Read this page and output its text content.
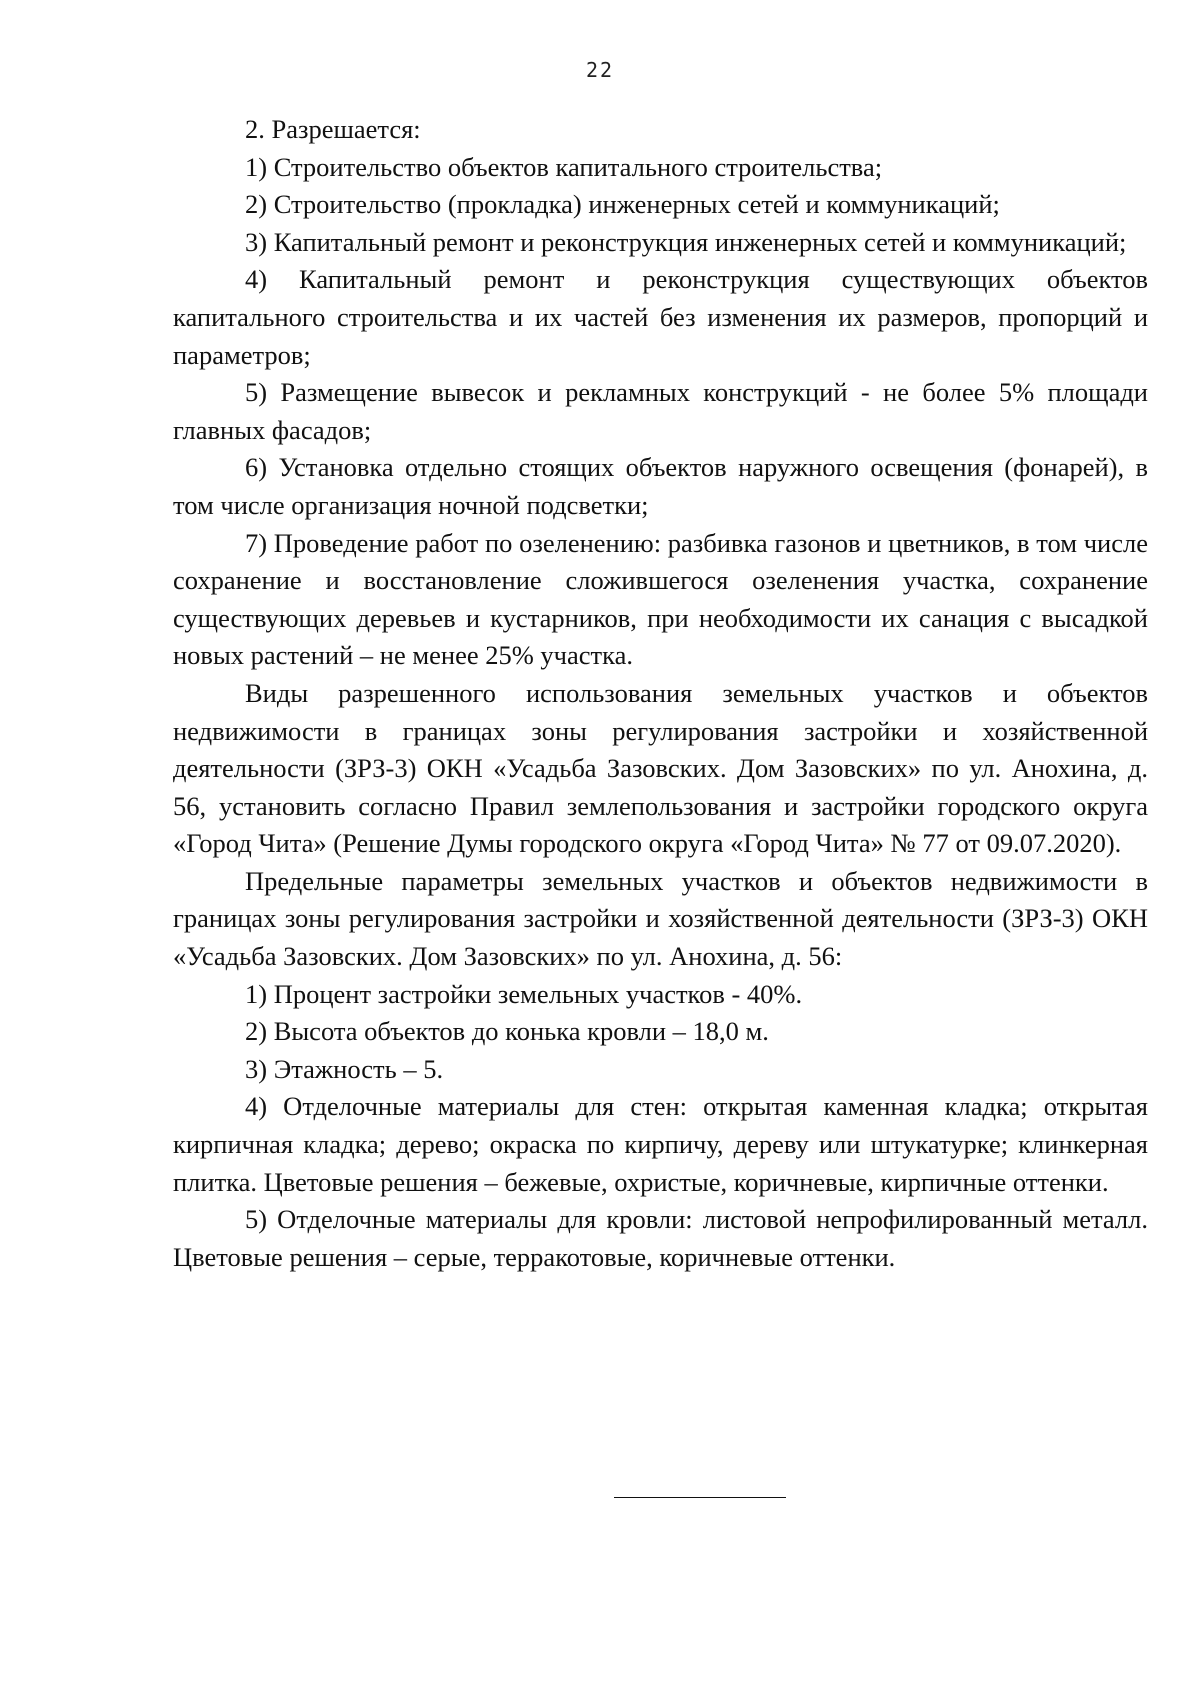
22

2. Разрешается:

1) Строительство объектов капитального строительства;

2) Строительство (прокладка) инженерных сетей и коммуникаций;

3) Капитальный ремонт и реконструкция инженерных сетей и коммуникаций;

4) Капитальный ремонт и реконструкция существующих объектов капитального строительства и их частей без изменения их размеров, пропорций и параметров;

5) Размещение вывесок и рекламных конструкций - не более 5% площади главных фасадов;

6) Установка отдельно стоящих объектов наружного освещения (фонарей), в том числе организация ночной подсветки;

7) Проведение работ по озеленению: разбивка газонов и цветников, в том числе сохранение и восстановление сложившегося озеленения участка, сохранение существующих деревьев и кустарников, при необходимости их санация с высадкой новых растений – не менее 25% участка.

Виды разрешенного использования земельных участков и объектов недвижимости в границах зоны регулирования застройки и хозяйственной деятельности (ЗРЗ-3) ОКН «Усадьба Зазовских. Дом Зазовских» по ул. Анохина, д. 56, установить согласно Правил землепользования и застройки городского округа «Город Чита» (Решение Думы городского округа «Город Чита» № 77 от 09.07.2020).

Предельные параметры земельных участков и объектов недвижимости в границах зоны регулирования застройки и хозяйственной деятельности (ЗРЗ-3) ОКН «Усадьба Зазовских. Дом Зазовских» по ул. Анохина, д. 56:

1) Процент застройки земельных участков - 40%.

2) Высота объектов до конька кровли – 18,0 м.

3) Этажность – 5.

4) Отделочные материалы для стен: открытая каменная кладка; открытая кирпичная кладка; дерево; окраска по кирпичу, дереву или штукатурке; клинкерная плитка. Цветовые решения – бежевые, охристые, коричневые, кирпичные оттенки.

5) Отделочные материалы для кровли: листовой непрофилированный металл. Цветовые решения – серые, терракотовые, коричневые оттенки.
